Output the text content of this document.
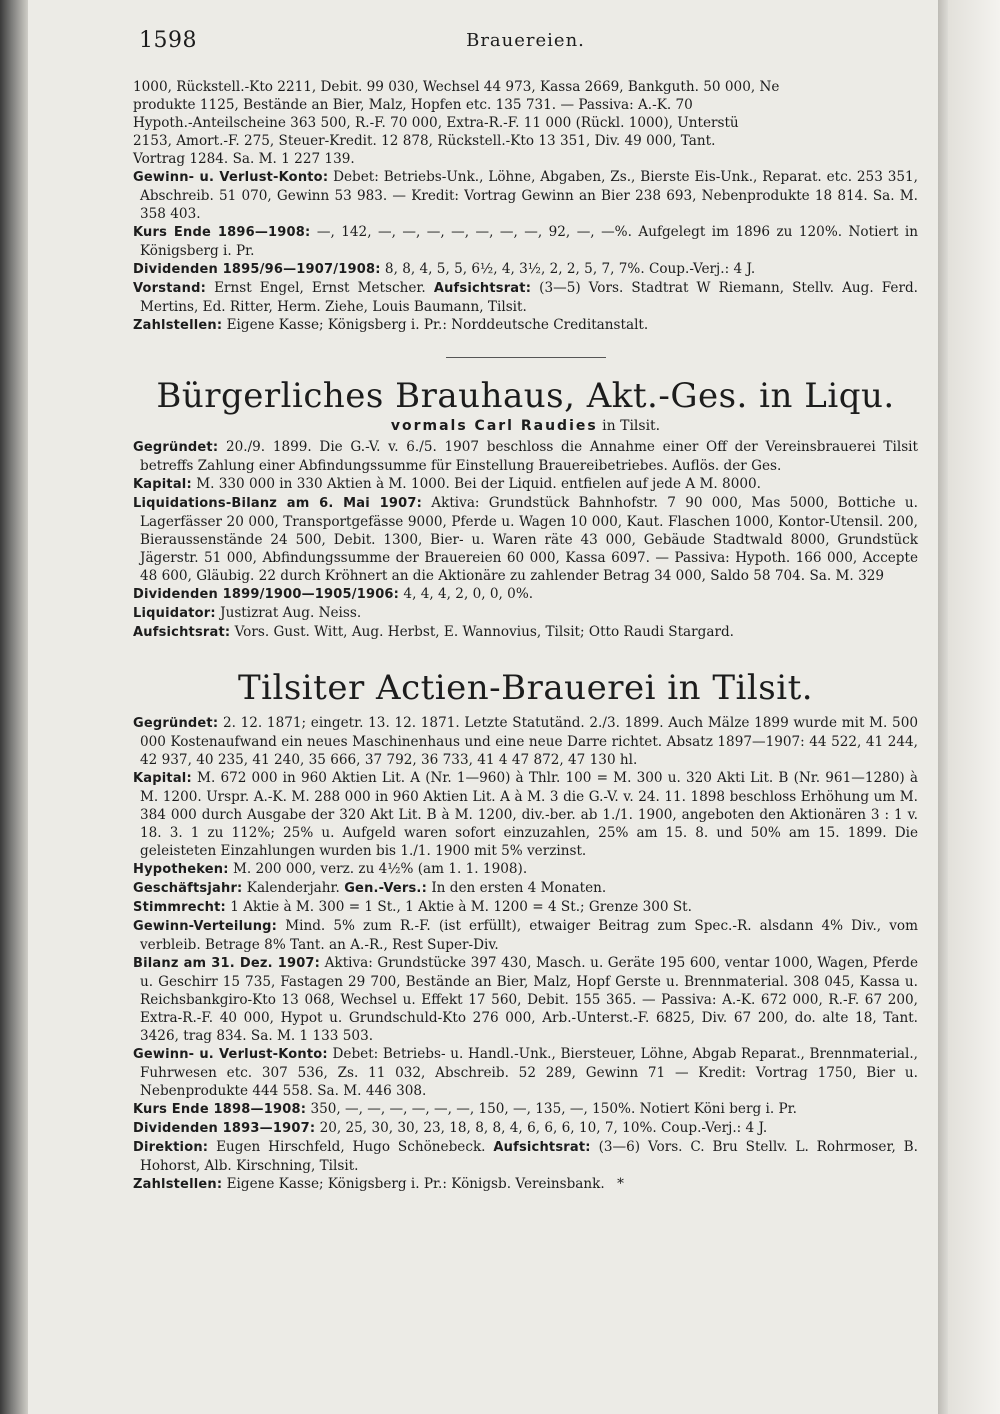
1598	Brauereien.

1000, Rückstell.-Kto 2211, Debit. 99 030, Wechsel 44 973, Kassa 2669, Bankguth. 50 000, Ne

produkte 1125, Bestände an Bier, Malz, Hopfen etc. 135 731. — Passiva: A.-K. 70

Hypoth.-Anteilscheine 363 500, R.-F. 70 000, Extra-R.-F. 11 000 (Rückl. 1000), Unterstü

2153, Amort.-F. 275, Steuer-Kredit. 12 878, Rückstell.-Kto 13 351, Div. 49 000, Tant.

Vortrag 1284. Sa. M. 1 227 139.

Gewinn- u. Verlust-Konto: Debet: Betriebs-Unk., Löhne, Abgaben, Zs., Bierste Eis-Unk., Reparat. etc. 253 351, Abschreib. 51 070, Gewinn 53 983. — Kredit: Vortrag Gewinn an Bier 238 693, Nebenprodukte 18 814. Sa. M. 358 403.

Kurs Ende 1896—1908: —, 142, —, —, —, —, —, —, —, 92, —, —%. Aufgelegt im 1896 zu 120%. Notiert in Königsberg i. Pr.

Dividenden 1895/96—1907/1908: 8, 8, 4, 5, 5, 6½, 4, 3½, 2, 2, 5, 7, 7%. Coup.-Verj.: 4 J.

Vorstand: Ernst Engel, Ernst Metscher. Aufsichtsrat: (3—5) Vors. Stadtrat W Riemann, Stellv. Aug. Ferd. Mertins, Ed. Ritter, Herm. Ziehe, Louis Baumann, Tilsit.

Zahlstellen: Eigene Kasse; Königsberg i. Pr.: Norddeutsche Creditanstalt.

Bürgerliches Brauhaus, Akt.-Ges. in Liqu.
vormals Carl Raudies in Tilsit.

Gegründet: 20./9. 1899. Die G.-V. v. 6./5. 1907 beschloss die Annahme einer Off der Vereinsbrauerei Tilsit betreffs Zahlung einer Abfindungssumme für Einstellung Brauereibetriebes. Auflös. der Ges.

Kapital: M. 330 000 in 330 Aktien à M. 1000. Bei der Liquid. entfielen auf jede A M. 8000.

Liquidations-Bilanz am 6. Mai 1907: Aktiva: Grundstück Bahnhofstr. 7 90 000, Mas 5000, Bottiche u. Lagerfässer 20 000, Transportgefässe 9000, Pferde u. Wagen 10 000, Kaut. Flaschen 1000, Kontor-Utensil. 200, Bieraussenstände 24 500, Debit. 1300, Bier- u. Waren räte 43 000, Gebäude Stadtwald 8000, Grundstück Jägerstr. 51 000, Abfindungssumme der Brauereien 60 000, Kassa 6097. — Passiva: Hypoth. 166 000, Accepte 48 600, Gläubig. 22 durch Kröhnert an die Aktionäre zu zahlender Betrag 34 000, Saldo 58 704. Sa. M. 329

Dividenden 1899/1900—1905/1906: 4, 4, 4, 2, 0, 0, 0%.

Liquidator: Justizrat Aug. Neiss.

Aufsichtsrat: Vors. Gust. Witt, Aug. Herbst, E. Wannovius, Tilsit; Otto Raudi Stargard.

Tilsiter Actien-Brauerei in Tilsit.

Gegründet: 2. 12. 1871; eingetr. 13. 12. 1871. Letzte Statutänd. 2./3. 1899. Auch Mälze 1899 wurde mit M. 500 000 Kostenaufwand ein neues Maschinenhaus und eine neue Darre richtet. Absatz 1897—1907: 44 522, 41 244, 42 937, 40 235, 41 240, 35 666, 37 792, 36 733, 41 4 47 872, 47 130 hl.

Kapital: M. 672 000 in 960 Aktien Lit. A (Nr. 1—960) à Thlr. 100 = M. 300 u. 320 Akti Lit. B (Nr. 961—1280) à M. 1200. Urspr. A.-K. M. 288 000 in 960 Aktien Lit. A à M. 3 die G.-V. v. 24. 11. 1898 beschloss Erhöhung um M. 384 000 durch Ausgabe der 320 Akt Lit. B à M. 1200, div.-ber. ab 1./1. 1900, angeboten den Aktionären 3 : 1 v. 18. 3. 1 zu 112%; 25% u. Aufgeld waren sofort einzuzahlen, 25% am 15. 8. und 50% am 15. 1899. Die geleisteten Einzahlungen wurden bis 1./1. 1900 mit 5% verzinst.

Hypotheken: M. 200 000, verz. zu 4½% (am 1. 1. 1908).

Geschäftsjahr: Kalenderjahr. Gen.-Vers.: In den ersten 4 Monaten.

Stimmrecht: 1 Aktie à M. 300 = 1 St., 1 Aktie à M. 1200 = 4 St.; Grenze 300 St.

Gewinn-Verteilung: Mind. 5% zum R.-F. (ist erfüllt), etwaiger Beitrag zum Spec.-R. alsdann 4% Div., vom verbleib. Betrage 8% Tant. an A.-R., Rest Super-Div.

Bilanz am 31. Dez. 1907: Aktiva: Grundstücke 397 430, Masch. u. Geräte 195 600, ventar 1000, Wagen, Pferde u. Geschirr 15 735, Fastagen 29 700, Bestände an Bier, Malz, Hopf Gerste u. Brennmaterial. 308 045, Kassa u. Reichsbankgiro-Kto 13 068, Wechsel u. Effekt 17 560, Debit. 155 365. — Passiva: A.-K. 672 000, R.-F. 67 200, Extra-R.-F. 40 000, Hypot u. Grundschuld-Kto 276 000, Arb.-Unterst.-F. 6825, Div. 67 200, do. alte 18, Tant. 3426, trag 834. Sa. M. 1 133 503.

Gewinn- u. Verlust-Konto: Debet: Betriebs- u. Handl.-Unk., Biersteuer, Löhne, Abgab Reparat., Brennmaterial., Fuhrwesen etc. 307 536, Zs. 11 032, Abschreib. 52 289, Gewinn 71 — Kredit: Vortrag 1750, Bier u. Nebenprodukte 444 558. Sa. M. 446 308.

Kurs Ende 1898—1908: 350, —, —, —, —, —, —, 150, —, 135, —, 150%. Notiert Köni berg i. Pr.

Dividenden 1893—1907: 20, 25, 30, 30, 23, 18, 8, 8, 4, 6, 6, 6, 10, 7, 10%. Coup.-Verj.: 4 J.

Direktion: Eugen Hirschfeld, Hugo Schönebeck. Aufsichtsrat: (3—6) Vors. C. Bru Stellv. L. Rohrmoser, B. Hohorst, Alb. Kirschning, Tilsit.

Zahlstellen: Eigene Kasse; Königsberg i. Pr.: Königsb. Vereinsbank. *
